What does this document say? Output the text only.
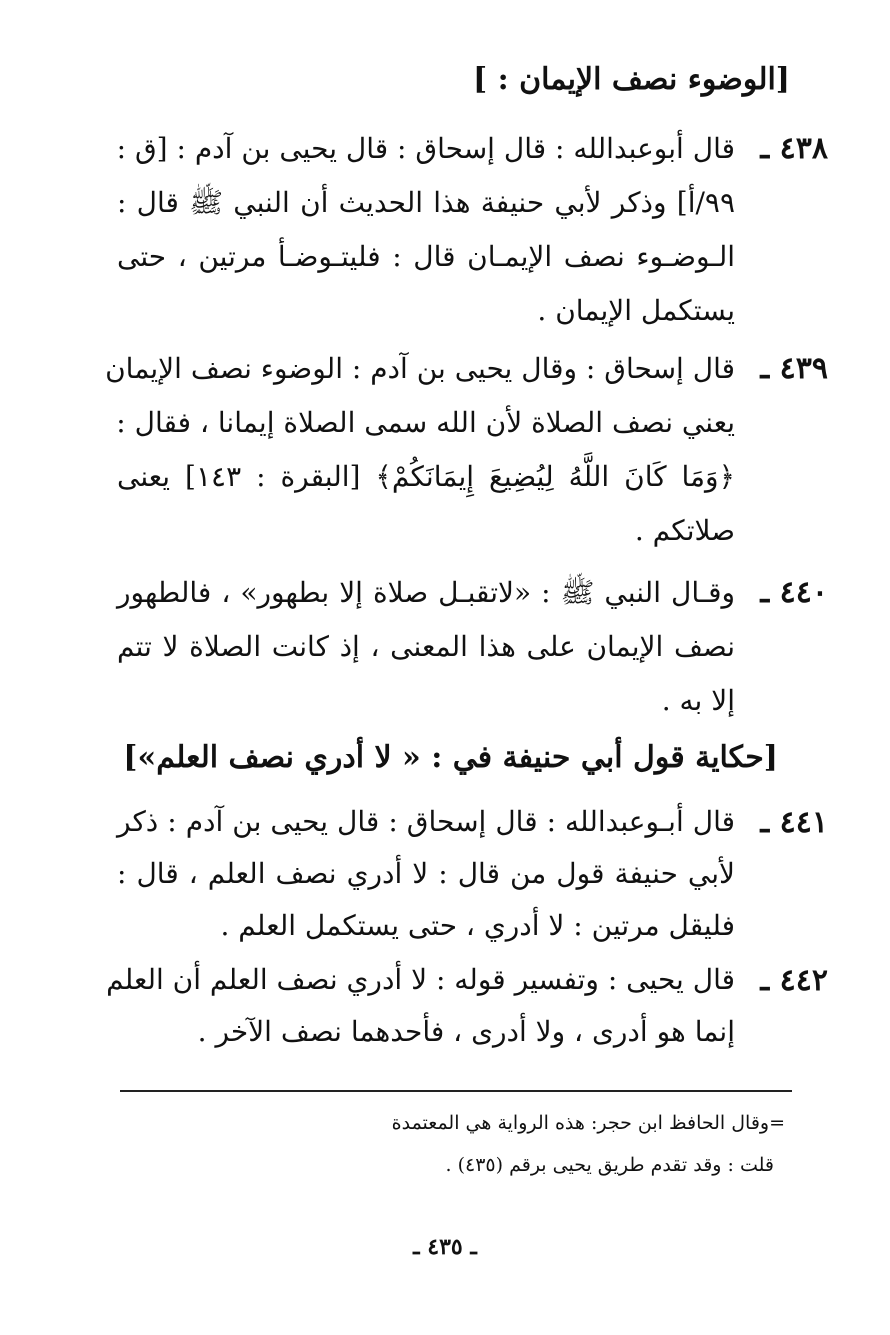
[الوضوء نصف الإيمان : ]
٤٣٨ ـ
قال أبوعبدالله : قال إسحاق : قال يحيى بن آدم : [ق :
٩٩/أ] وذكر لأبي حنيفة هذا الحديث أن النبي ﷺ قال :
الـوضـوء نصف الإيمـان قال : فليتـوضـأ مرتين ، حتى
يستكمل الإيمان .
٤٣٩ ـ
قال إسحاق : وقال يحيى بن آدم : الوضوء نصف الإيمان
يعني نصف الصلاة لأن الله سمى الصلاة إيمانا ، فقال :
﴿وَمَا كَانَ اللَّهُ لِيُضِيعَ إِيمَانَكُمْ﴾ [البقرة : ١٤٣] يعنى
صلاتكم .
٤٤٠ ـ
وقـال النبي ﷺ : «لاتقبـل صلاة إلا بطهور» ، فالطهور
نصف الإيمان على هذا المعنى ، إذ كانت الصلاة لا تتم
إلا به .
[حكاية قول أبي حنيفة في : « لا أدري نصف العلم»]
٤٤١ ـ
قال أبـوعبدالله : قال إسحاق : قال يحيى بن آدم : ذكر
لأبي حنيفة قول من قال : لا أدري نصف العلم ، قال :
فليقل مرتين : لا أدري ، حتى يستكمل العلم .
٤٤٢ ـ
قال يحيى : وتفسير قوله : لا أدري نصف العلم أن العلم
إنما هو أدرى ، ولا أدرى ، فأحدهما نصف الآخر .
=وقال الحافظ ابن حجر: هذه الرواية هي المعتمدة
قلت : وقد تقدم طريق يحيى برقم (٤٣٥) .
ـ ٤٣٥ ـ
